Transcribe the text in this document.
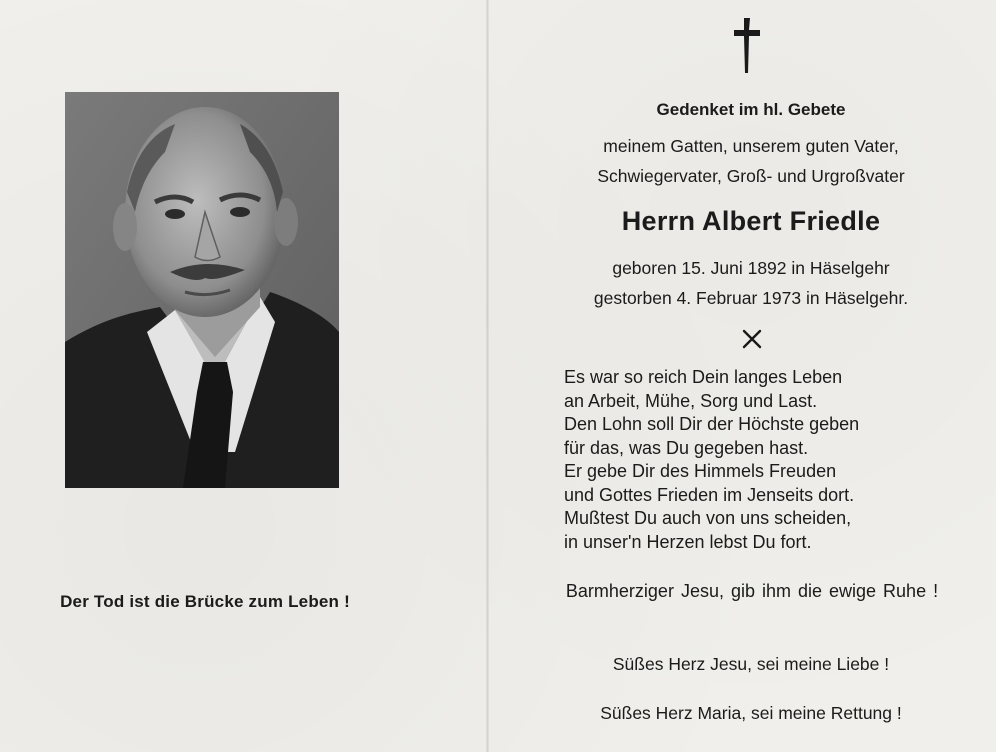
Der Tod ist die Brücke zum Leben !
Gedenket im hl. Gebete
meinem Gatten, unserem guten Vater,
Schwiegervater, Groß- und Urgroßvater
Herrn Albert Friedle
geboren 15. Juni 1892 in Häselgehr
gestorben 4. Februar 1973 in Häselgehr.
Es war so reich Dein langes Leben
an Arbeit, Mühe, Sorg und Last.
Den Lohn soll Dir der Höchste geben
für das, was Du gegeben hast.
Er gebe Dir des Himmels Freuden
und Gottes Frieden im Jenseits dort.
Mußtest Du auch von uns scheiden,
in unser'n Herzen lebst Du fort.
Barmherziger Jesu, gib ihm die ewige Ruhe !
Süßes Herz Jesu, sei meine Liebe !
Süßes Herz Maria, sei meine Rettung !
